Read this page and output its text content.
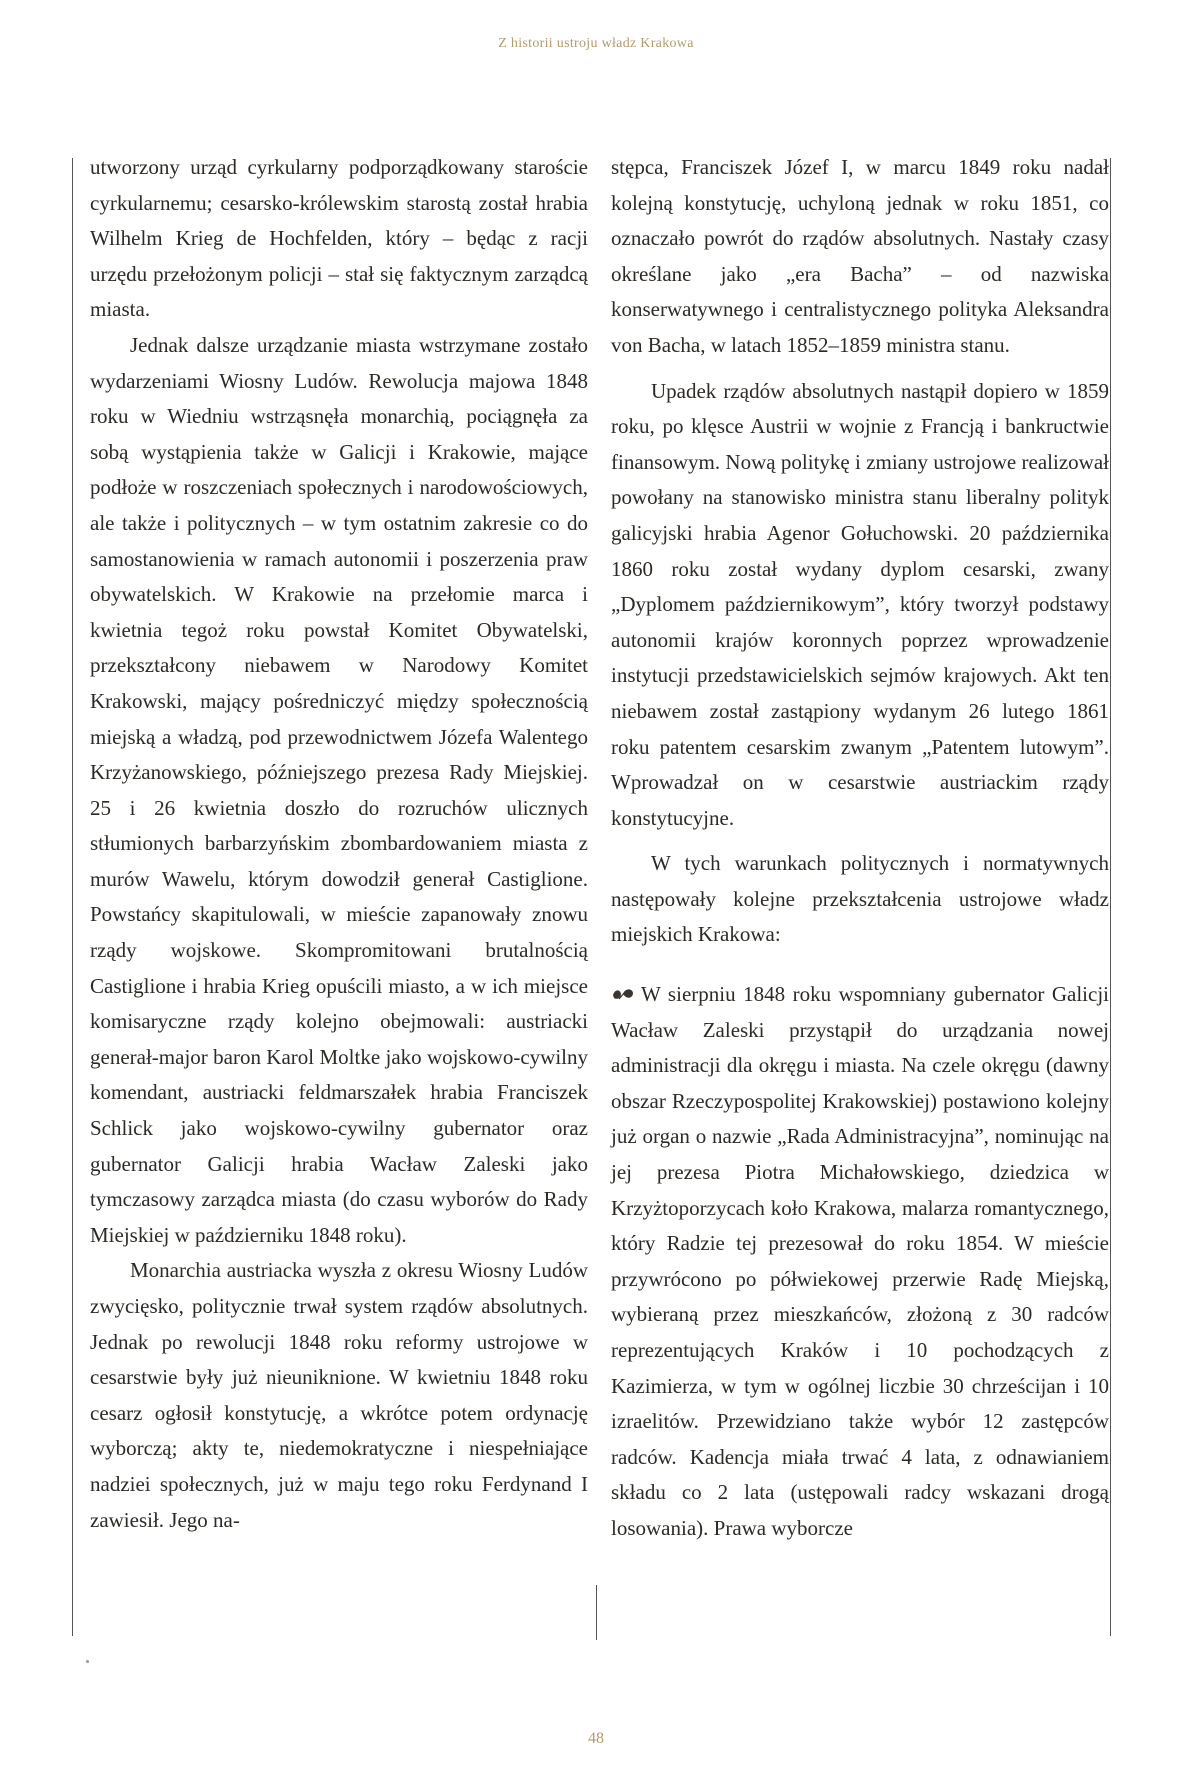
Z historii ustroju władz Krakowa

utworzony urząd cyrkularny podporządkowany staroście cyrkularnemu; cesarsko-królewskim starostą został hrabia Wilhelm Krieg de Hochfelden, który – będąc z racji urzędu przełożonym policji – stał się faktycznym zarządcą miasta.

Jednak dalsze urządzanie miasta wstrzymane zostało wydarzeniami Wiosny Ludów. Rewolucja majowa 1848 roku w Wiedniu wstrząsnęła monarchią, pociągnęła za sobą wystąpienia także w Galicji i Krakowie, mające podłoże w roszczeniach społecznych i narodowościowych, ale także i politycznych – w tym ostatnim zakresie co do samostanowienia w ramach autonomii i poszerzenia praw obywatelskich. W Krakowie na przełomie marca i kwietnia tegoż roku powstał Komitet Obywatelski, przekształcony niebawem w Narodowy Komitet Krakowski, mający pośredniczyć między społecznością miejską a władzą, pod przewodnictwem Józefa Walentego Krzyżanowskiego, późniejszego prezesa Rady Miejskiej. 25 i 26 kwietnia doszło do rozruchów ulicznych stłumionych barbarzyńskim zbombardowaniem miasta z murów Wawelu, którym dowodził generał Castiglione. Powstańcy skapitulowali, w mieście zapanowały znowu rządy wojskowe. Skompromitowani brutalnością Castiglione i hrabia Krieg opuścili miasto, a w ich miejsce komisaryczne rządy kolejno obejmowali: austriacki generał-major baron Karol Moltke jako wojskowo-cywilny komendant, austriacki feldmarszałek hrabia Franciszek Schlick jako wojskowo-cywilny gubernator oraz gubernator Galicji hrabia Wacław Zaleski jako tymczasowy zarządca miasta (do czasu wyborów do Rady Miejskiej w październiku 1848 roku).

Monarchia austriacka wyszła z okresu Wiosny Ludów zwycięsko, politycznie trwał system rządów absolutnych. Jednak po rewolucji 1848 roku reformy ustrojowe w cesarstwie były już nieuniknione. W kwietniu 1848 roku cesarz ogłosił konstytucję, a wkrótce potem ordynację wyborczą; akty te, niedemokratyczne i niespełniające nadziei społecznych, już w maju tego roku Ferdynand I zawiesił. Jego na-

stępca, Franciszek Józef I, w marcu 1849 roku nadał kolejną konstytucję, uchyloną jednak w roku 1851, co oznaczało powrót do rządów absolutnych. Nastały czasy określane jako „era Bacha” – od nazwiska konserwatywnego i centralistycznego polityka Aleksandra von Bacha, w latach 1852–1859 ministra stanu.

Upadek rządów absolutnych nastąpił dopiero w 1859 roku, po klęsce Austrii w wojnie z Francją i bankructwie finansowym. Nową politykę i zmiany ustrojowe realizował powołany na stanowisko ministra stanu liberalny polityk galicyjski hrabia Agenor Gołuchowski. 20 października 1860 roku został wydany dyplom cesarski, zwany „Dyplomem październikowym”, który tworzył podstawy autonomii krajów koronnych poprzez wprowadzenie instytucji przedstawicielskich sejmów krajowych. Akt ten niebawem został zastąpiony wydanym 26 lutego 1861 roku patentem cesarskim zwanym „Patentem lutowym”. Wprowadzał on w cesarstwie austriackim rządy konstytucyjne.

W tych warunkach politycznych i normatywnych następowały kolejne przekształcenia ustrojowe władz miejskich Krakowa:

W sierpniu 1848 roku wspomniany gubernator Galicji Wacław Zaleski przystąpił do urządzania nowej administracji dla okręgu i miasta. Na czele okręgu (dawny obszar Rzeczypospolitej Krakowskiej) postawiono kolejny już organ o nazwie „Rada Administracyjna”, nominując na jej prezesa Piotra Michałowskiego, dziedzica w Krzyżtoporzycach koło Krakowa, malarza romantycznego, który Radzie tej prezesował do roku 1854. W mieście przywrócono po półwiekowej przerwie Radę Miejską, wybieraną przez mieszkańców, złożoną z 30 radców reprezentujących Kraków i 10 pochodzących z Kazimierza, w tym w ogólnej liczbie 30 chrześcijan i 10 izraelitów. Przewidziano także wybór 12 zastępców radców. Kadencja miała trwać 4 lata, z odnawianiem składu co 2 lata (ustępowali radcy wskazani drogą losowania). Prawa wyborcze

48
